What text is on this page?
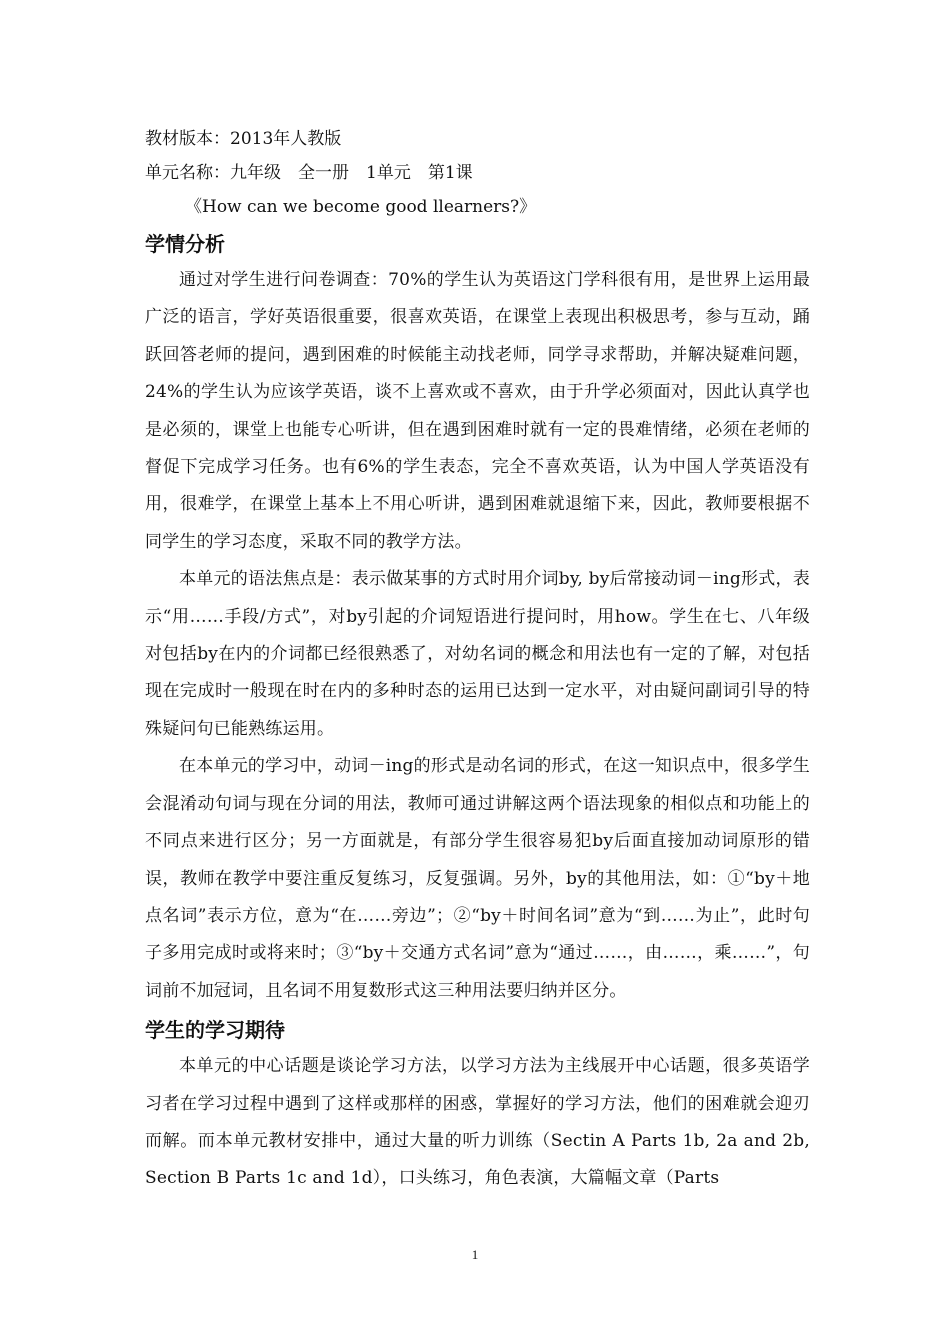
教材版本：2013年人教版
单元名称：九年级　全一册　1单元　第1课
《How can we become good llearners?》
学情分析

通过对学生进行问卷调查：70%的学生认为英语这门学科很有用，是世界上运用最广泛的语言，学好英语很重要，很喜欢英语，在课堂上表现出积极思考，参与互动，踊跃回答老师的提问，遇到困难的时候能主动找老师，同学寻求帮助，并解决疑难问题，24%的学生认为应该学英语，谈不上喜欢或不喜欢，由于升学必须面对，因此认真学也是必须的，课堂上也能专心听讲，但在遇到困难时就有一定的畏难情绪，必须在老师的督促下完成学习任务。也有6%的学生表态，完全不喜欢英语，认为中国人学英语没有用，很难学，在课堂上基本上不用心听讲，遇到困难就退缩下来，因此，教师要根据不同学生的学习态度，采取不同的教学方法。

本单元的语法焦点是：表示做某事的方式时用介词by, by后常接动词－ing形式，表示“用……手段/方式”，对by引起的介词短语进行提问时，用how。学生在七、八年级对包括by在内的介词都已经很熟悉了，对幼名词的概念和用法也有一定的了解，对包括现在完成时一般现在时在内的多种时态的运用已达到一定水平，对由疑问副词引导的特殊疑问句已能熟练运用。

在本单元的学习中，动词－ing的形式是动名词的形式，在这一知识点中，很多学生会混淆动句词与现在分词的用法，教师可通过讲解这两个语法现象的相似点和功能上的不同点来进行区分；另一方面就是，有部分学生很容易犯by后面直接加动词原形的错误，教师在教学中要注重反复练习，反复强调。另外，by的其他用法，如：①“by＋地点名词”表示方位，意为“在……旁边”；②“by＋时间名词”意为“到……为止”，此时句子多用完成时或将来时；③“by＋交通方式名词”意为“通过……，由……，乘……”，句词前不加冠词，且名词不用复数形式这三种用法要归纳并区分。

学生的学习期待

本单元的中心话题是谈论学习方法，以学习方法为主线展开中心话题，很多英语学习者在学习过程中遇到了这样或那样的困惑，掌握好的学习方法，他们的困难就会迎刃而解。而本单元教材安排中，通过大量的听力训练（Sectin A Parts 1b, 2a and 2b, Section B Parts 1c and 1d），口头练习，角色表演，大篇幅文章（Parts

1
